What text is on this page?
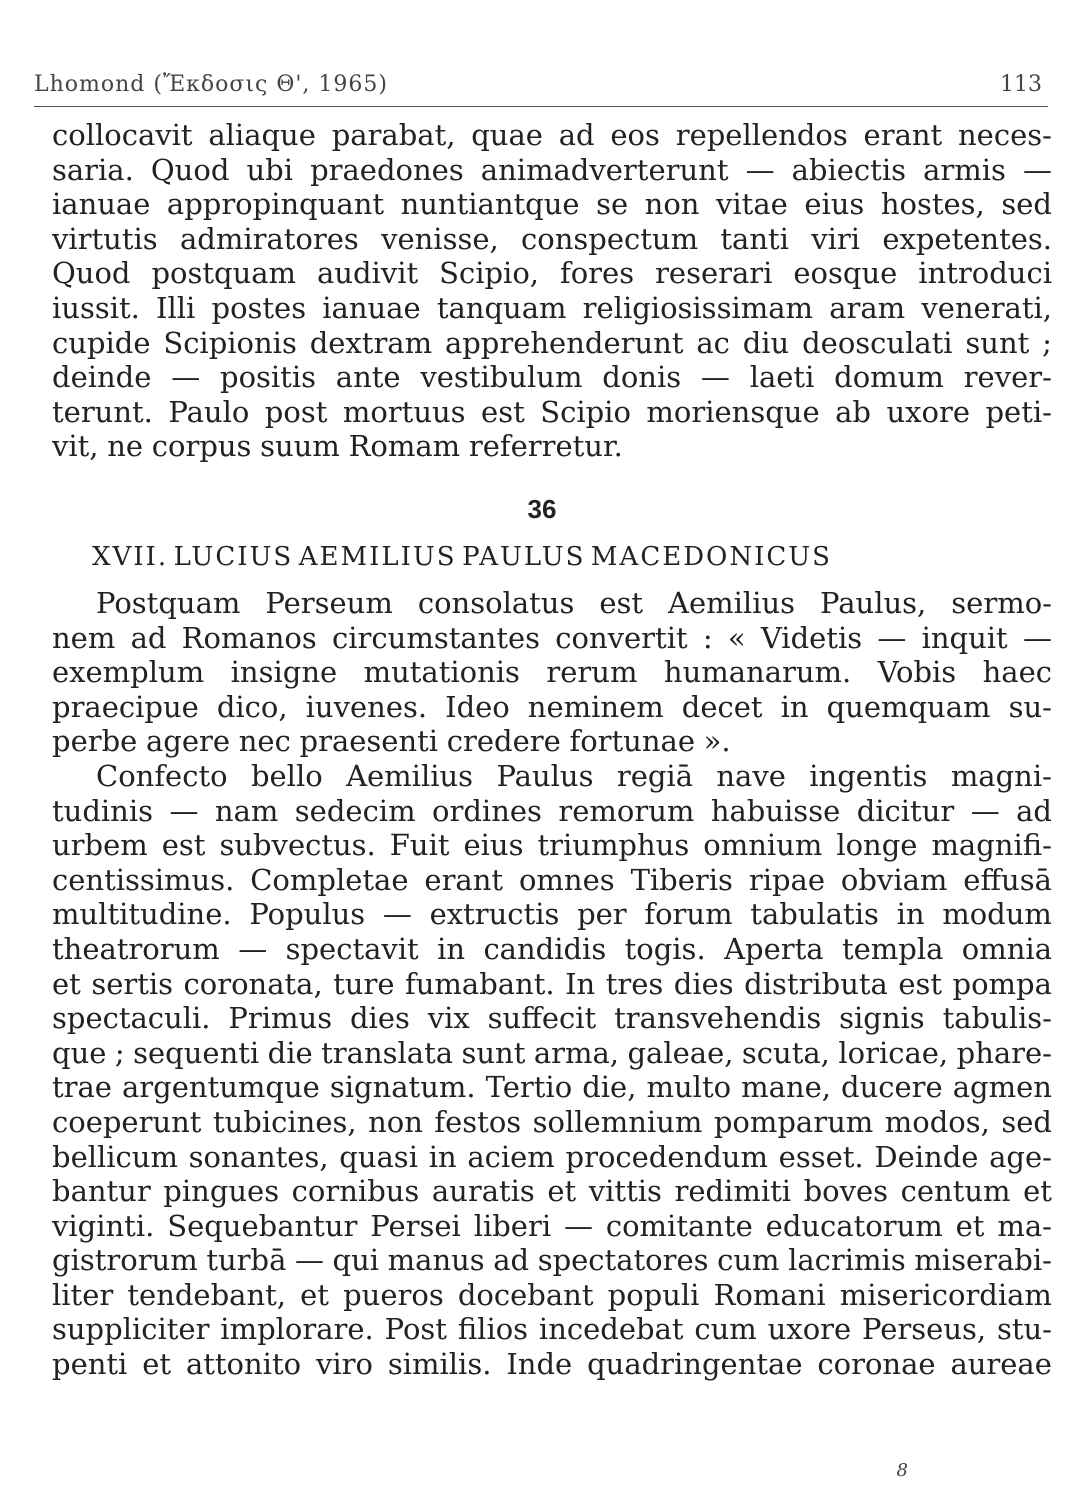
Lhomond (Ἔκδοσις Θ', 1965)	113
collocavit aliaque parabat, quae ad eos repellendos erant neces-
saria. Quod ubi praedones animadverterunt — abiectis armis —
ianuae appropinquant nuntiantque se non vitae eius hostes, sed
virtutis admiratores venisse, conspectum tanti viri expetentes.
Quod postquam audivit Scipio, fores reserari eosque introduci
iussit. Illi postes ianuae tanquam religiosissimam aram venerati,
cupide Scipionis dextram apprehenderunt ac diu deosculati sunt ;
deinde — positis ante vestibulum donis — laeti domum rever-
terunt. Paulo post mortuus est Scipio moriensque ab uxore peti-
vit, ne corpus suum Romam referretur.
36
XVII. LUCIUS AEMILIUS PAULUS MACEDONICUS
Postquam Perseum consolatus est Aemilius Paulus, sermo-
nem ad Romanos circumstantes convertit : « Videtis — inquit —
exemplum insigne mutationis rerum humanarum. Vobis haec
praecipue dico, iuvenes. Ideo neminem decet in quemquam su-
perbe agere nec praesenti credere fortunae ».
Confecto bello Aemilius Paulus regiā nave ingentis magni-
tudinis — nam sedecim ordines remorum habuisse dicitur — ad
urbem est subvectus. Fuit eius triumphus omnium longe magnifi-
centissimus. Completae erant omnes Tiberis ripae obviam effusā
multitudine. Populus — extructis per forum tabulatis in modum
theatrorum — spectavit in candidis togis. Aperta templa omnia
et sertis coronata, ture fumabant. In tres dies distributa est pompa
spectaculi. Primus dies vix suffecit transvehendis signis tabulis-
que ; sequenti die translata sunt arma, galeae, scuta, loricae, phare-
trae argentumque signatum. Tertio die, multo mane, ducere agmen
coeperunt tubicines, non festos sollemnium pomparum modos, sed
bellicum sonantes, quasi in aciem procedendum esset. Deinde age-
bantur pingues cornibus auratis et vittis redimiti boves centum et
viginti. Sequebantur Persei liberi — comitante educatorum et ma-
gistrorum turbā — qui manus ad spectatores cum lacrimis miserabi-
liter tendebant, et pueros docebant populi Romani misericordiam
suppliciter implorare. Post filios incedebat cum uxore Perseus, stu-
penti et attonito viro similis. Inde quadringentae coronae aureae
8
